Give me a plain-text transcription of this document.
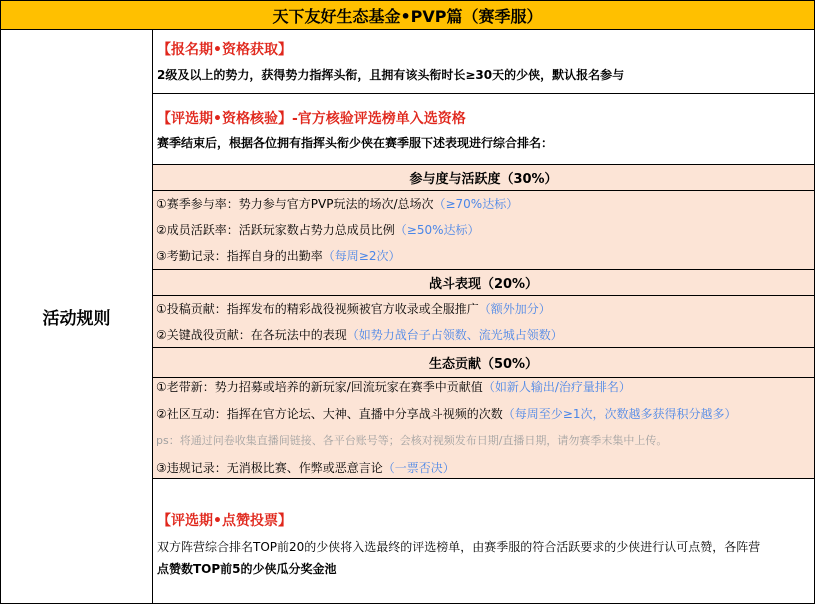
天下友好生态基金•PVP篇（赛季服）
活动规则
【报名期•资格获取】
2级及以上的势力，获得势力指挥头衔，且拥有该头衔时长≥30天的少侠，默认报名参与
【评选期•资格核验】-官方核验评选榜单入选资格
赛季结束后，根据各位拥有指挥头衔少侠在赛季服下述表现进行综合排名：
参与度与活跃度（30%）
①赛季参与率：势力参与官方PVP玩法的场次/总场次（≥70%达标）
②成员活跃率：活跃玩家数占势力总成员比例（≥50%达标）
③考勤记录：指挥自身的出勤率（每周≥2次）
战斗表现（20%）
①投稿贡献：指挥发布的精彩战役视频被官方收录或全服推广（额外加分）
②关键战役贡献：在各玩法中的表现（如势力战台子占领数、流光城占领数）
生态贡献（50%）
①老带新：势力招募或培养的新玩家/回流玩家在赛季中贡献值（如新人输出/治疗量排名）
②社区互动：指挥在官方论坛、大神、直播中分享战斗视频的次数（每周至少≥1次，次数越多获得积分越多）
ps：将通过问卷收集直播间链接、各平台账号等；会核对视频发布日期/直播日期，请勿赛季末集中上传。
③违规记录：无消极比赛、作弊或恶意言论（一票否决）
【评选期•点赞投票】
双方阵营综合排名TOP前20的少侠将入选最终的评选榜单，由赛季服的符合活跃要求的少侠进行认可点赞，各阵营
点赞数TOP前5的少侠瓜分奖金池
